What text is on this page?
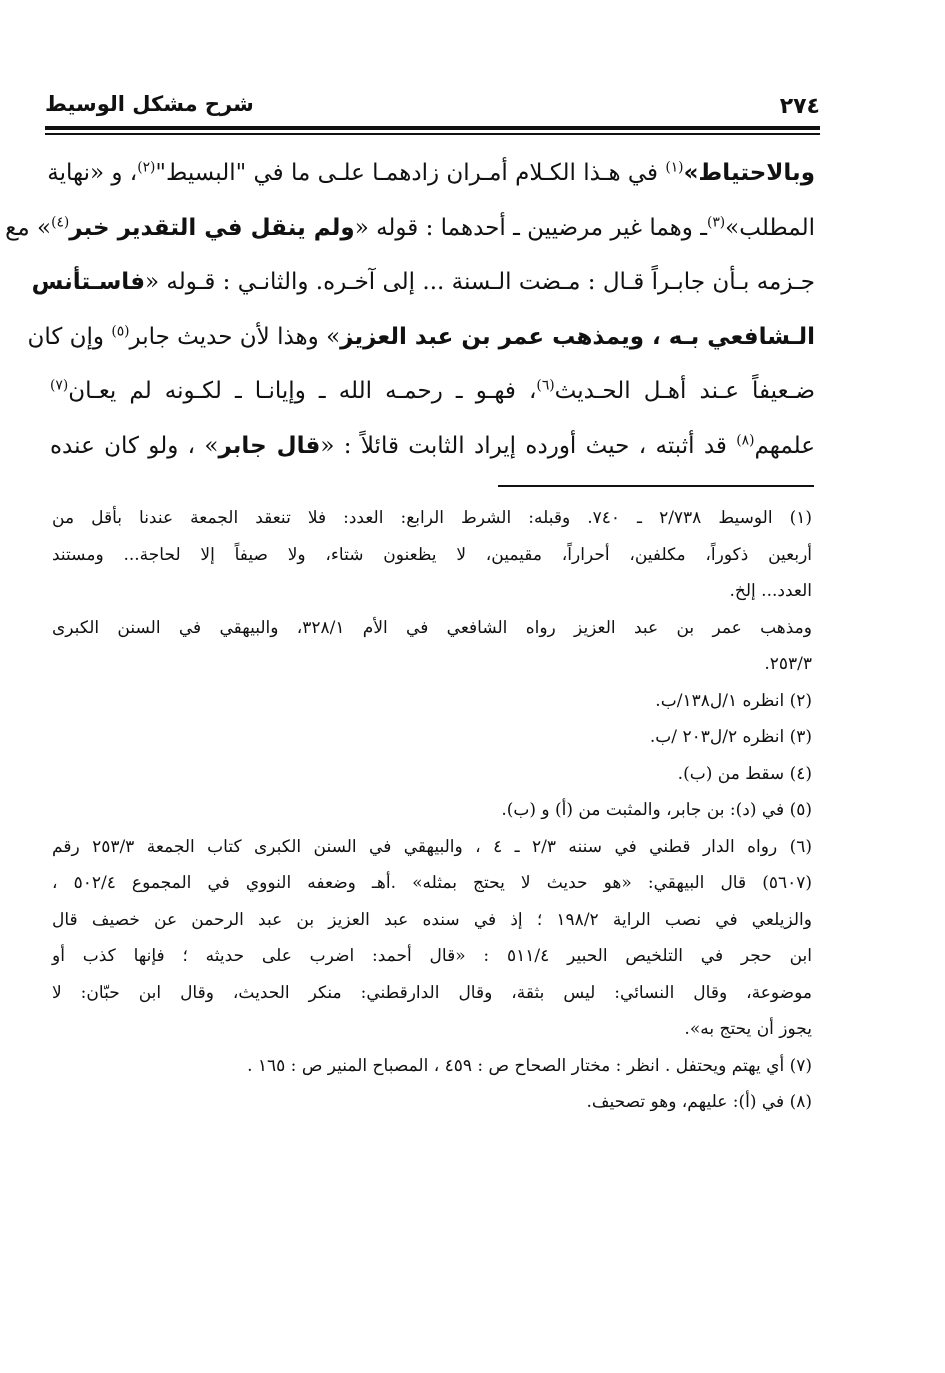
٢٧٤
شرح مشكل الوسيط
وبالاحتياط»$^{(١)}$ في هـذا الكـلام أمـران زادهمـا علـى ما في "البسيط"$^{(٢)}$، و «نهاية
المطلب»$^{(٣)}$ـ وهما غير مرضيين ـ أحدهما : قوله «ولم ينقل في التقدير خبر$^{(٤)}$» مع
جـزمه بـأن جابـراً قـال : مـضت الـسنة ... إلى آخـره. والثانـي : قـوله «فاسـتأنس
الـشافعي بـه ، ويمذهب عمر بن عبد العزيز» وهذا لأن حديث جابر$^{(٥)}$ وإن كان
ضـعيفاً عـند أهـل الحـديث$^{(٦)}$، فهـو ـ رحمـه الله ـ وإيانـا ـ لكـونه لم يعـان$^{(٧)}$
علمهم$^{(٨)}$ قد أثبته ، حيث أورده إيراد الثابت قائلاً : «قال جابر» ، ولو كان عنده
(١) الوسيط ٢/٧٣٨ ـ ٧٤٠. وقبله: الشرط الرابع: العدد: فلا تنعقد الجمعة عندنا بأقل من
أربعين ذكوراً، مكلفين، أحراراً، مقيمين، لا يظعنون شتاء، ولا صيفاً إلا لحاجة... ومستند
العدد... إلخ.
ومذهب عمر بن عبد العزيز رواه الشافعي في الأم ٣٢٨/١، والبيهقي في السنن الكبرى
٢٥٣/٣.
(٢) انظره ١/ل١٣٨/ب.
(٣) انظره ٢/ل٢٠٣ /ب.
(٤) سقط من (ب).
(٥) في (د): بن جابر، والمثبت من (أ) و (ب).
(٦) رواه الدار قطني في سننه ٢/٣ ـ ٤ ، والبيهقي في السنن الكبرى كتاب الجمعة ٢٥٣/٣ رقم
(٥٦٠٧) قال البيهقي: «هو حديث لا يحتج بمثله» .أهـ وضعفه النووي في المجموع ٥٠٢/٤ ،
والزيلعي في نصب الراية ١٩٨/٢ ؛ إذ في سنده عبد العزيز بن عبد الرحمن عن خصيف قال
ابن حجر في التلخيص الحبير ٥١١/٤ : «قال أحمد: اضرب على حديثه ؛ فإنها كذب أو
موضوعة، وقال النسائي: ليس بثقة، وقال الدارقطني: منكر الحديث، وقال ابن حبّان: لا
يجوز أن يحتج به».
(٧) أي يهتم ويحتفل . انظر : مختار الصحاح ص : ٤٥٩ ، المصباح المنير ص : ١٦٥ .
(٨) في (أ): عليهم، وهو تصحيف.
